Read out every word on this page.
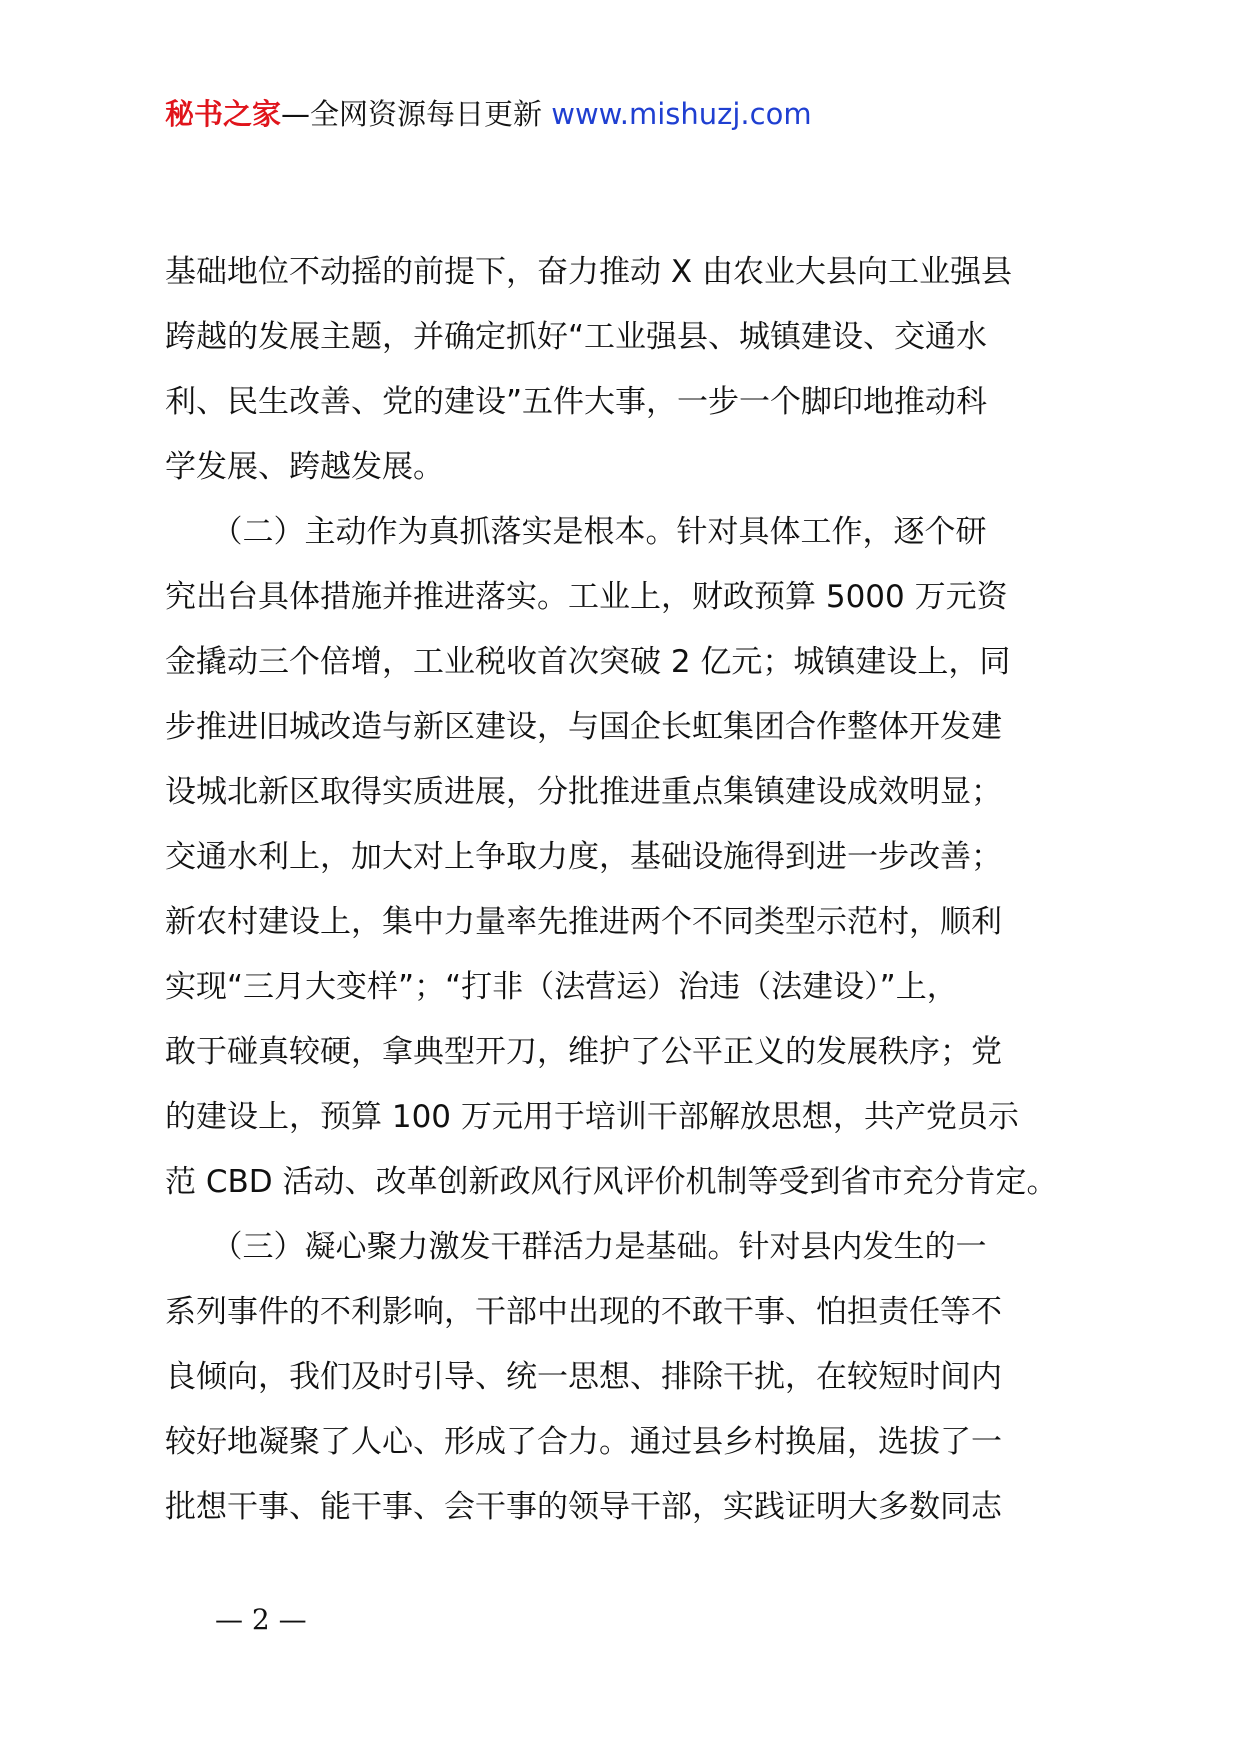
秘书之家—全网资源每日更新 www.mishuzj.com
基础地位不动摇的前提下，奋力推动 X 由农业大县向工业强县
跨越的发展主题，并确定抓好“工业强县、城镇建设、交通水
利、民生改善、党的建设”五件大事，一步一个脚印地推动科
学发展、跨越发展。
　　（二）主动作为真抓落实是根本。针对具体工作，逐个研
究出台具体措施并推进落实。工业上，财政预算 5000 万元资
金撬动三个倍增，工业税收首次突破 2 亿元；城镇建设上，同
步推进旧城改造与新区建设，与国企长虹集团合作整体开发建
设城北新区取得实质进展，分批推进重点集镇建设成效明显；
交通水利上，加大对上争取力度，基础设施得到进一步改善；
新农村建设上，集中力量率先推进两个不同类型示范村，顺利
实现“三月大变样”；“打非（法营运）治违（法建设）”上，
敢于碰真较硬，拿典型开刀，维护了公平正义的发展秩序；党
的建设上，预算 100 万元用于培训干部解放思想，共产党员示
范 CBD 活动、改革创新政风行风评价机制等受到省市充分肯定。
　　（三）凝心聚力激发干群活力是基础。针对县内发生的一
系列事件的不利影响，干部中出现的不敢干事、怕担责任等不
良倾向，我们及时引导、统一思想、排除干扰，在较短时间内
较好地凝聚了人心、形成了合力。通过县乡村换届，选拔了一
批想干事、能干事、会干事的领导干部，实践证明大多数同志
— 2 —
